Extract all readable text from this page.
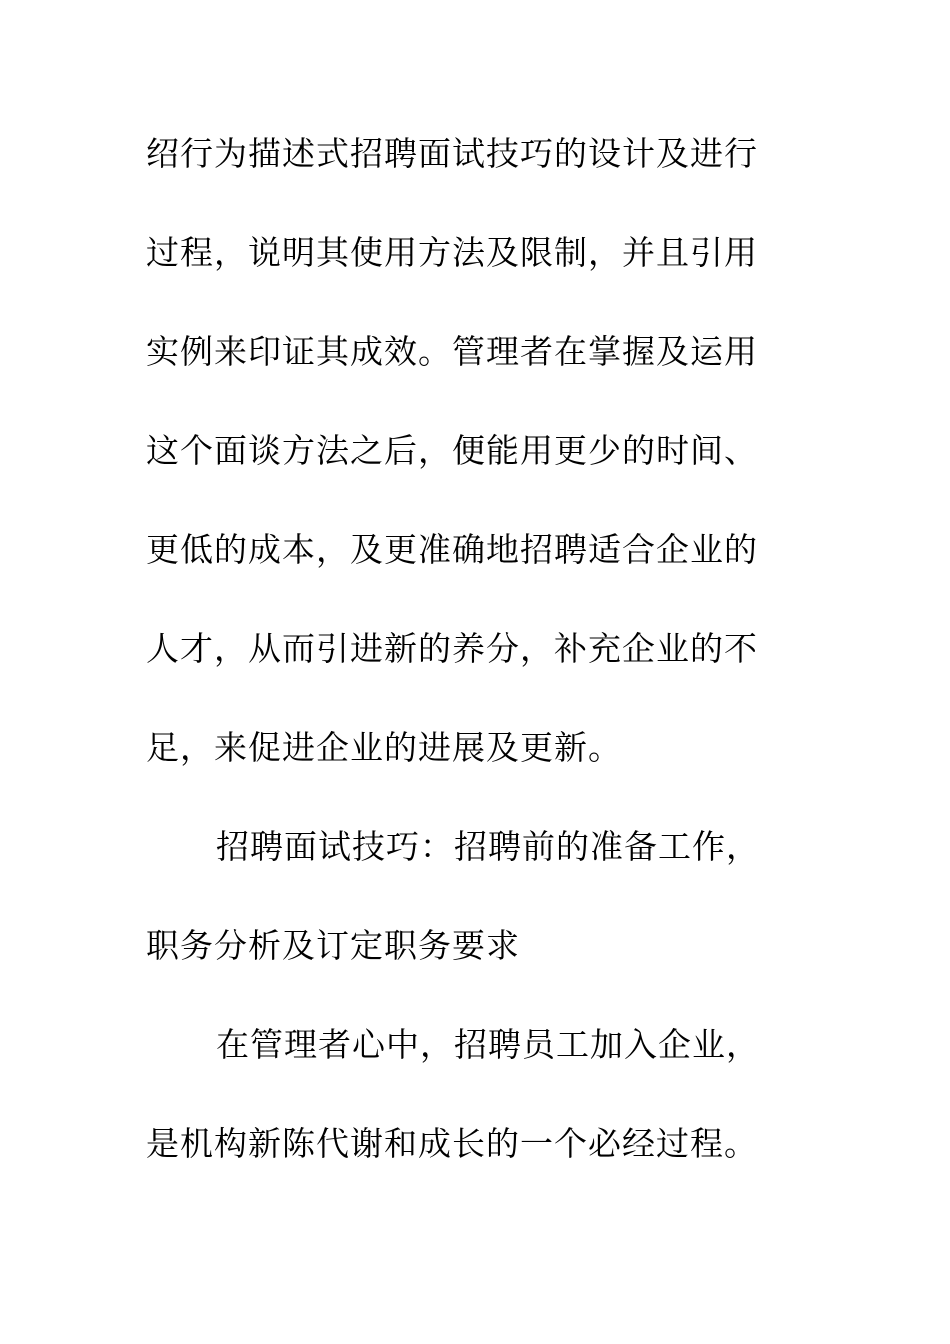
绍行为描述式招聘面试技巧的设计及进行
过程，说明其使用方法及限制，并且引用
实例来印证其成效。管理者在掌握及运用
这个面谈方法之后，便能用更少的时间、
更低的成本，及更准确地招聘适合企业的
人才，从而引进新的养分，补充企业的不
足，来促进企业的进展及更新。
招聘面试技巧：招聘前的准备工作，
职务分析及订定职务要求
在管理者心中，招聘员工加入企业，
是机构新陈代谢和成长的一个必经过程。
